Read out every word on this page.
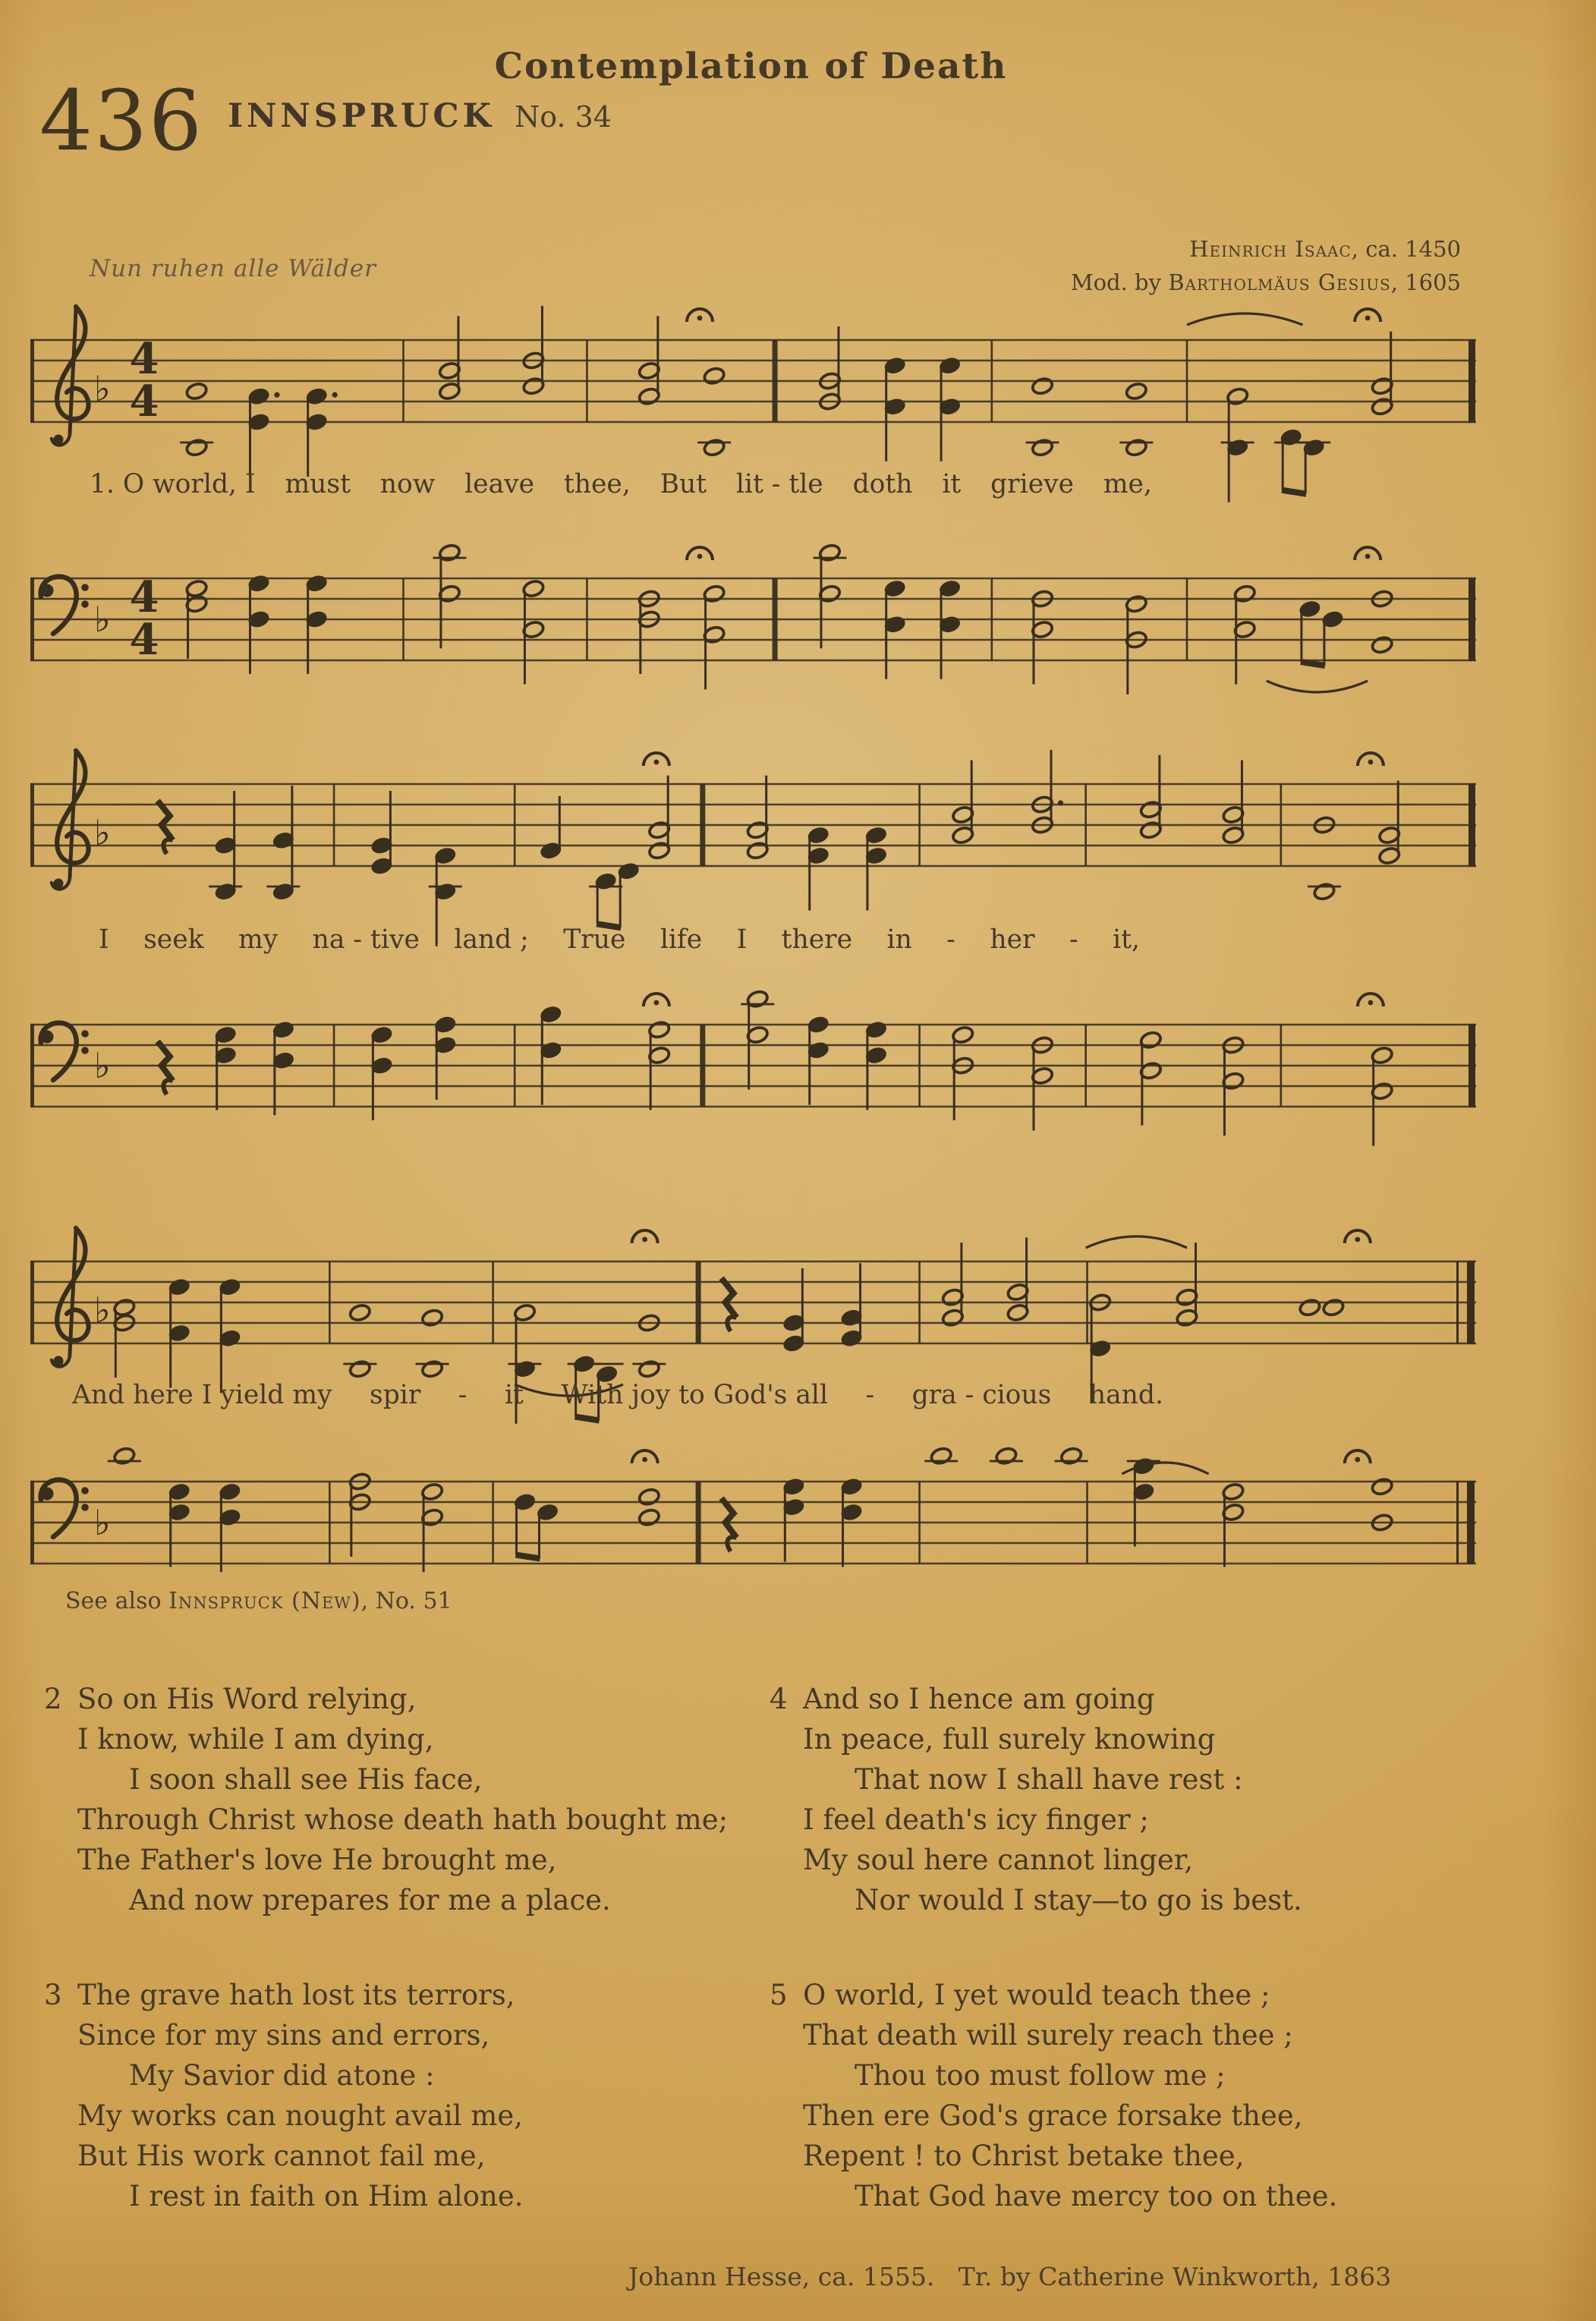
Contemplation of Death
436 INNSPRUCK No. 34
Nun ruhen alle Wälder
Heinrich Isaac, ca. 1450
Mod. by Bartholmäus Gesius, 1605
♭
4
4
1. O world, I must now leave thee, But lit - tle doth it grieve me,
♭ 4
4
♭
I seek my na - tive land ; True life I there in - her - it,
♭
♭
And here I yield my spir - it With joy to God's all - gra - cious hand.
♭
See also Innspruck (New), No. 51
2 So on His Word relying,
I know, while I am dying,
I soon shall see His face,
Through Christ whose death hath bought me;
The Father's love He brought me,
And now prepares for me a place.
3 The grave hath lost its terrors,
Since for my sins and errors,
My Savior did atone :
My works can nought avail me,
But His work cannot fail me,
I rest in faith on Him alone.
4 And so I hence am going
In peace, full surely knowing
That now I shall have rest :
I feel death's icy finger ;
My soul here cannot linger,
Nor would I stay—to go is best.
5 O world, I yet would teach thee ;
That death will surely reach thee ;
Thou too must follow me ;
Then ere God's grace forsake thee,
Repent ! to Christ betake thee,
That God have mercy too on thee.
Johann Hesse, ca. 1555.   Tr. by Catherine Winkworth, 1863
